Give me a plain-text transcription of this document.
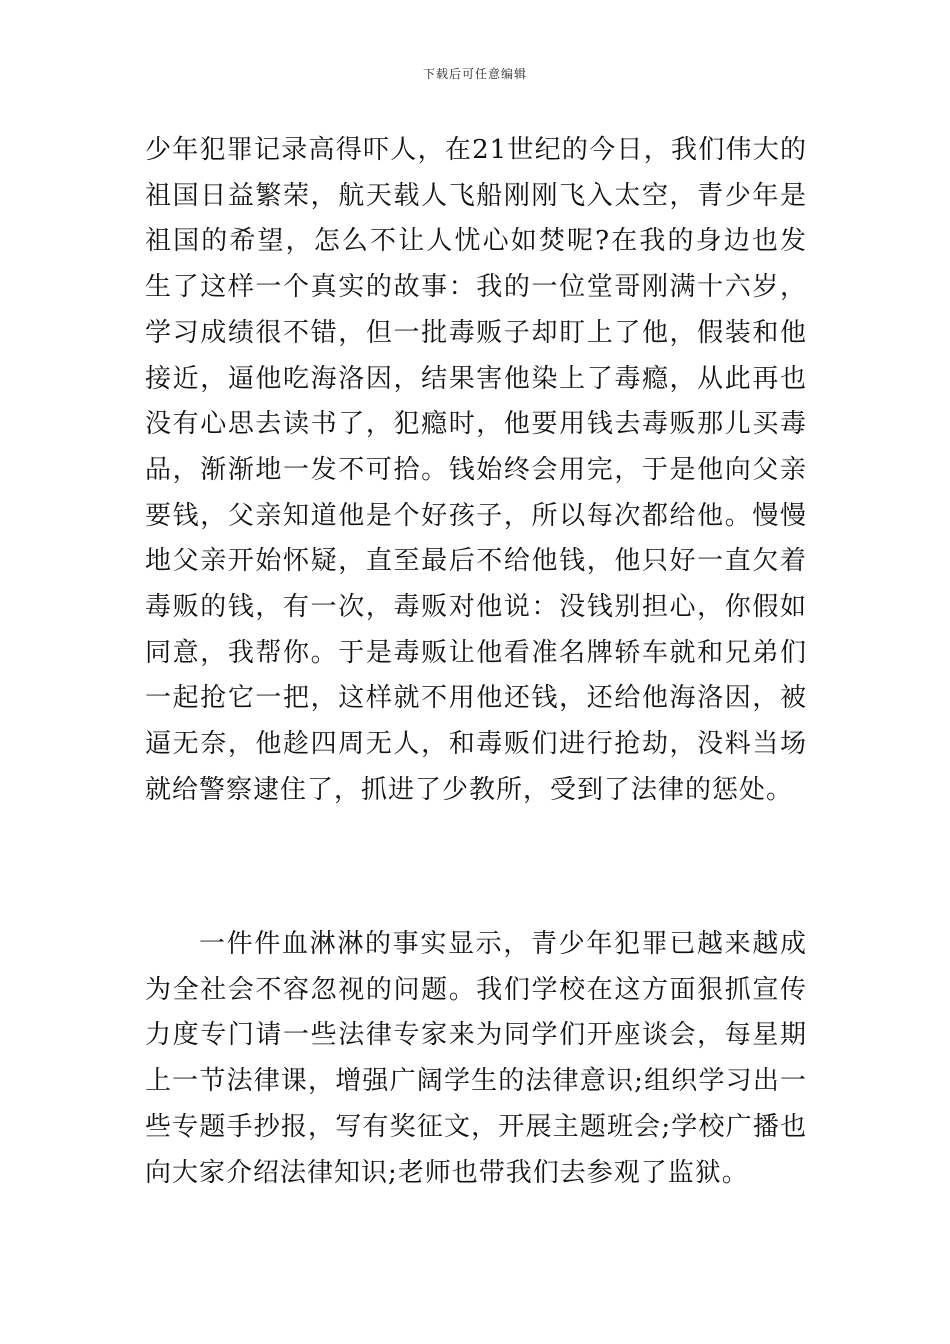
下载后可任意编辑

少年犯罪记录高得吓人，在21世纪的今日，我们伟大的祖国日益繁荣，航天载人飞船刚刚飞入太空，青少年是祖国的希望，怎么不让人忧心如焚呢?在我的身边也发生了这样一个真实的故事：我的一位堂哥刚满十六岁，学习成绩很不错，但一批毒贩子却盯上了他，假装和他接近，逼他吃海洛因，结果害他染上了毒瘾，从此再也没有心思去读书了，犯瘾时，他要用钱去毒贩那儿买毒品，渐渐地一发不可拾。钱始终会用完，于是他向父亲要钱，父亲知道他是个好孩子，所以每次都给他。慢慢地父亲开始怀疑，直至最后不给他钱，他只好一直欠着毒贩的钱，有一次，毒贩对他说：没钱别担心，你假如同意，我帮你。于是毒贩让他看准名牌轿车就和兄弟们一起抢它一把，这样就不用他还钱，还给他海洛因，被逼无奈，他趁四周无人，和毒贩们进行抢劫，没料当场就给警察逮住了，抓进了少教所，受到了法律的惩处。

一件件血淋淋的事实显示，青少年犯罪已越来越成为全社会不容忽视的问题。我们学校在这方面狠抓宣传力度专门请一些法律专家来为同学们开座谈会，每星期上一节法律课，增强广阔学生的法律意识;组织学习出一些专题手抄报，写有奖征文，开展主题班会;学校广播也向大家介绍法律知识;老师也带我们去参观了监狱。
